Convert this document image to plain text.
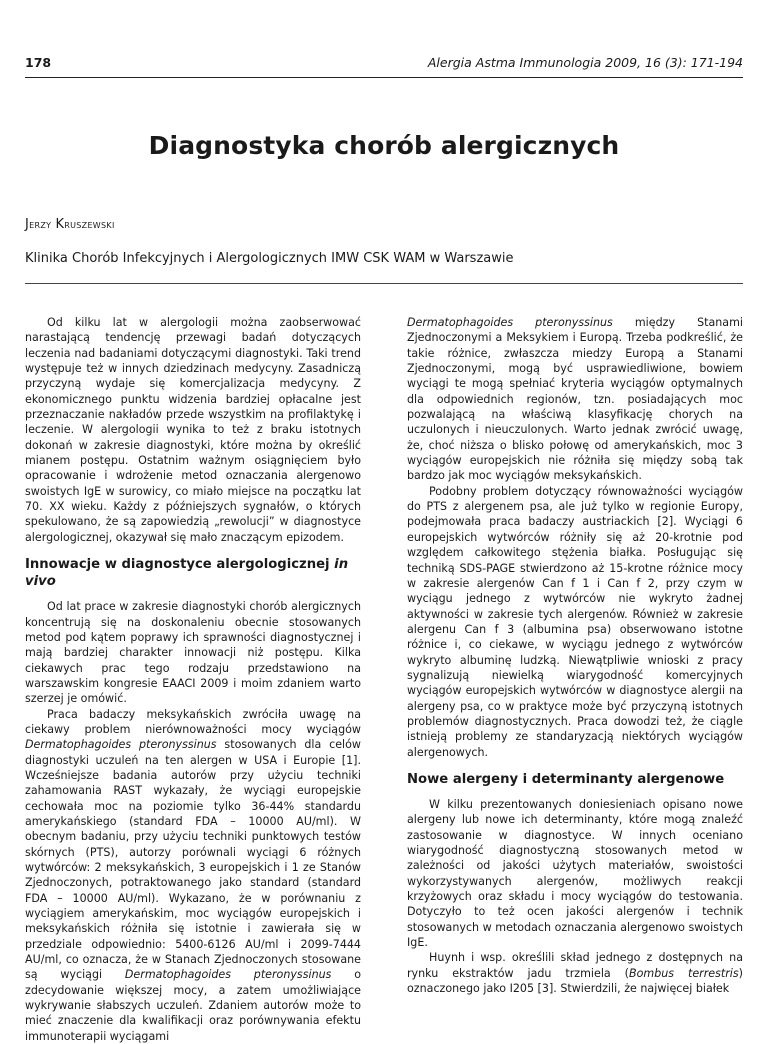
178	Alergia Astma Immunologia 2009, 16 (3): 171-194
Diagnostyka chorób alergicznych
Jerzy Kruszewski
Klinika Chorób Infekcyjnych i Alergologicznych IMW CSK WAM w Warszawie

Od kilku lat w alergologii można zaobserwować narastającą tendencję przewagi badań dotyczących leczenia nad badaniami dotyczącymi diagnostyki. Taki trend występuje też w innych dziedzinach medycyny. Zasadniczą przyczyną wydaje się komercjalizacja medycyny. Z ekonomicznego punktu widzenia bardziej opłacalne jest przeznaczanie nakładów przede wszystkim na profilaktykę i leczenie. W alergologii wynika to też z braku istotnych dokonań w zakresie diagnostyki, które można by określić mianem postępu. Ostatnim ważnym osiągnięciem było opracowanie i wdrożenie metod oznaczania alergenowo swoistych IgE w surowicy, co miało miejsce na początku lat 70. XX wieku. Każdy z późniejszych sygnałów, o których spekulowano, że są zapowiedzią „rewolucji” w diagnostyce alergologicznej, okazywał się mało znaczącym epizodem.

Innowacje w diagnostyce alergologicznej in vivo

Od lat prace w zakresie diagnostyki chorób alergicznych koncentrują się na doskonaleniu obecnie stosowanych metod pod kątem poprawy ich sprawności diagnostycznej i mają bardziej charakter innowacji niż postępu. Kilka ciekawych prac tego rodzaju przedstawiono na warszawskim kongresie EAACI 2009 i moim zdaniem warto szerzej je omówić.

Praca badaczy meksykańskich zwróciła uwagę na ciekawy problem nierównoważności mocy wyciągów Dermatophagoides pteronyssinus stosowanych dla celów diagnostyki uczuleń na ten alergen w USA i Europie [1]. Wcześniejsze badania autorów przy użyciu techniki zahamowania RAST wykazały, że wyciągi europejskie cechowała moc na poziomie tylko 36-44% standardu amerykańskiego (standard FDA – 10000 AU/ml). W obecnym badaniu, przy użyciu techniki punktowych testów skórnych (PTS), autorzy porównali wyciągi 6 różnych wytwórców: 2 meksykańskich, 3 europejskich i 1 ze Stanów Zjednoczonych, potraktowanego jako standard (standard FDA – 10000 AU/ml). Wykazano, że w porównaniu z wyciągiem amerykańskim, moc wyciągów europejskich i meksykańskich różniła się istotnie i zawierała się w przedziale odpowiednio: 5400-6126 AU/ml i 2099-7444 AU/ml, co oznacza, że w Stanach Zjednoczonych stosowane są wyciągi Dermatophagoides pteronyssinus o zdecydowanie większej mocy, a zatem umożliwiające wykrywanie słabszych uczuleń. Zdaniem autorów może to mieć znaczenie dla kwalifikacji oraz porównywania efektu immunoterapii wyciągami

Dermatophagoides pteronyssinus między Stanami Zjednoczonymi a Meksykiem i Europą. Trzeba podkreślić, że takie różnice, zwłaszcza miedzy Europą a Stanami Zjednoczonymi, mogą być usprawiedliwione, bowiem wyciągi te mogą spełniać kryteria wyciągów optymalnych dla odpowiednich regionów, tzn. posiadających moc pozwalającą na właściwą klasyfikację chorych na uczulonych i nieuczulonych. Warto jednak zwrócić uwagę, że, choć niższa o blisko połowę od amerykańskich, moc 3 wyciągów europejskich nie różniła się między sobą tak bardzo jak moc wyciągów meksykańskich.

Podobny problem dotyczący równoważności wyciągów do PTS z alergenem psa, ale już tylko w regionie Europy, podejmowała praca badaczy austriackich [2]. Wyciągi 6 europejskich wytwórców różniły się aż 20-krotnie pod względem całkowitego stężenia białka. Posługując się techniką SDS-PAGE stwierdzono aż 15-krotne różnice mocy w zakresie alergenów Can f 1 i Can f 2, przy czym w wyciągu jednego z wytwórców nie wykryto żadnej aktywności w zakresie tych alergenów. Również w zakresie alergenu Can f 3 (albumina psa) obserwowano istotne różnice i, co ciekawe, w wyciągu jednego z wytwórców wykryto albuminę ludzką. Niewątpliwie wnioski z pracy sygnalizują niewielką wiarygodność komercyjnych wyciągów europejskich wytwórców w diagnostyce alergii na alergeny psa, co w praktyce może być przyczyną istotnych problemów diagnostycznych. Praca dowodzi też, że ciągle istnieją problemy ze standaryzacją niektórych wyciągów alergenowych.

Nowe alergeny i determinanty alergenowe

W kilku prezentowanych doniesieniach opisano nowe alergeny lub nowe ich determinanty, które mogą znaleźć zastosowanie w diagnostyce. W innych oceniano wiarygodność diagnostyczną stosowanych metod w zależności od jakości użytych materiałów, swoistości wykorzystywanych alergenów, możliwych reakcji krzyżowych oraz składu i mocy wyciągów do testowania. Dotyczyło to też ocen jakości alergenów i technik stosowanych w metodach oznaczania alergenowo swoistych IgE.

Huynh i wsp. określili skład jednego z dostępnych na rynku ekstraktów jadu trzmiela (Bombus terrestris) oznaczonego jako I205 [3]. Stwierdzili, że najwięcej białek
